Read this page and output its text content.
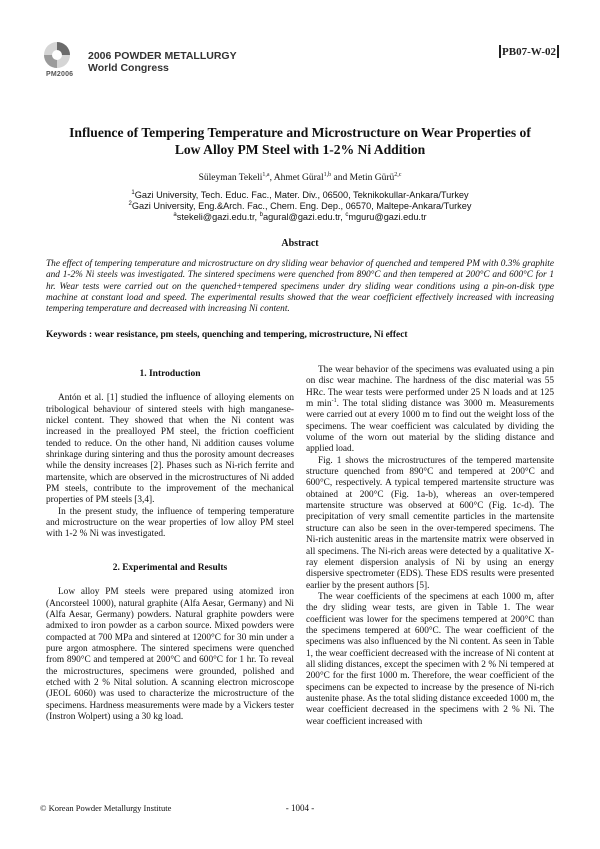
PM2006
2006 POWDER METALLURGY
World Congress
PB07-W-02
Influence of Tempering Temperature and Microstructure on Wear Properties of
Low Alloy PM Steel with 1-2% Ni Addition
Süleyman Tekeli$^{1,a}$, Ahmet Güral$^{1,b}$ and Metin Gürü$^{2,c}$
$^1$Gazi University, Tech. Educ. Fac., Mater. Div., 06500, Teknikokullar-Ankara/Turkey
$^2$Gazi University, Eng.&Arch. Fac., Chem. Eng. Dep., 06570, Maltepe-Ankara/Turkey
$^a$stekeli@gazi.edu.tr, $^b$agural@gazi.edu.tr, $^c$mguru@gazi.edu.tr
Abstract
The effect of tempering temperature and microstructure on dry sliding wear behavior of quenched and tempered PM with 0.3% graphite and 1-2% Ni steels was investigated. The sintered specimens were quenched from 890°C and then tempered at 200°C and 600°C for 1 hr. Wear tests were carried out on the quenched+tempered specimens under dry sliding wear conditions using a pin-on-disk type machine at constant load and speed. The experimental results showed that the wear coefficient effectively increased with increasing tempering temperature and decreased with increasing Ni content.
Keywords : wear resistance, pm steels, quenching and tempering, microstructure, Ni effect
1. Introduction

Antón et al. [1] studied the influence of alloying elements on tribological behaviour of sintered steels with high manganese-nickel content. They showed that when the Ni content was increased in the prealloyed PM steel, the friction coefficient tended to reduce. On the other hand, Ni addition causes volume shrinkage during sintering and thus the porosity amount decreases while the density increases [2]. Phases such as Ni-rich ferrite and martensite, which are observed in the microstructures of Ni added PM steels, contribute to the improvement of the mechanical properties of PM steels [3,4].

In the present study, the influence of tempering temperature and microstructure on the wear properties of low alloy PM steel with 1-2 % Ni was investigated.

2. Experimental and Results

Low alloy PM steels were prepared using atomized iron (Ancorsteel 1000), natural graphite (Alfa Aesar, Germany) and Ni (Alfa Aesar, Germany) powders. Natural graphite powders were admixed to iron powder as a carbon source. Mixed powders were compacted at 700 MPa and sintered at 1200°C for 30 min under a pure argon atmosphere. The sintered specimens were quenched from 890°C and tempered at 200°C and 600°C for 1 hr. To reveal the microstructures, specimens were grounded, polished and etched with 2 % Nital solution. A scanning electron microscope (JEOL 6060) was used to characterize the microstructure of the specimens. Hardness measurements were made by a Vickers tester (Instron Wolpert) using a 30 kg load.

The wear behavior of the specimens was evaluated using a pin on disc wear machine. The hardness of the disc material was 55 HRc. The wear tests were performed under 25 N loads and at 125 m $\min^{-1}$. The total sliding distance was 3000 m. Measurements were carried out at every 1000 m to find out the weight loss of the specimens. The wear coefficient was calculated by dividing the volume of the worn out material by the sliding distance and applied load.

Fig. 1 shows the microstructures of the tempered martensite structure quenched from 890°C and tempered at 200°C and 600°C, respectively. A typical tempered martensite structure was obtained at 200°C (Fig. 1a-b), whereas an over-tempered martensite structure was observed at 600°C (Fig. 1c-d). The precipitation of very small cementite particles in the martensite structure can also be seen in the over-tempered specimens. The Ni-rich austenitic areas in the martensite matrix were observed in all specimens. The Ni-rich areas were detected by a qualitative X-ray element dispersion analysis of Ni by using an energy dispersive spectrometer (EDS). These EDS results were presented earlier by the present authors [5].

The wear coefficients of the specimens at each 1000 m, after the dry sliding wear tests, are given in Table 1. The wear coefficient was lower for the specimens tempered at 200°C than the specimens tempered at 600°C. The wear coefficient of the specimens was also influenced by the Ni content. As seen in Table 1, the wear coefficient decreased with the increase of Ni content at all sliding distances, except the specimen with 2 % Ni tempered at 200°C for the first 1000 m. Therefore, the wear coefficient of the specimens can be expected to increase by the presence of Ni-rich austenite phase. As the total sliding distance exceeded 1000 m, the wear coefficient decreased in the specimens with 2 % Ni. The wear coefficient increased with

© Korean Powder Metallurgy Institute	- 1004 -
